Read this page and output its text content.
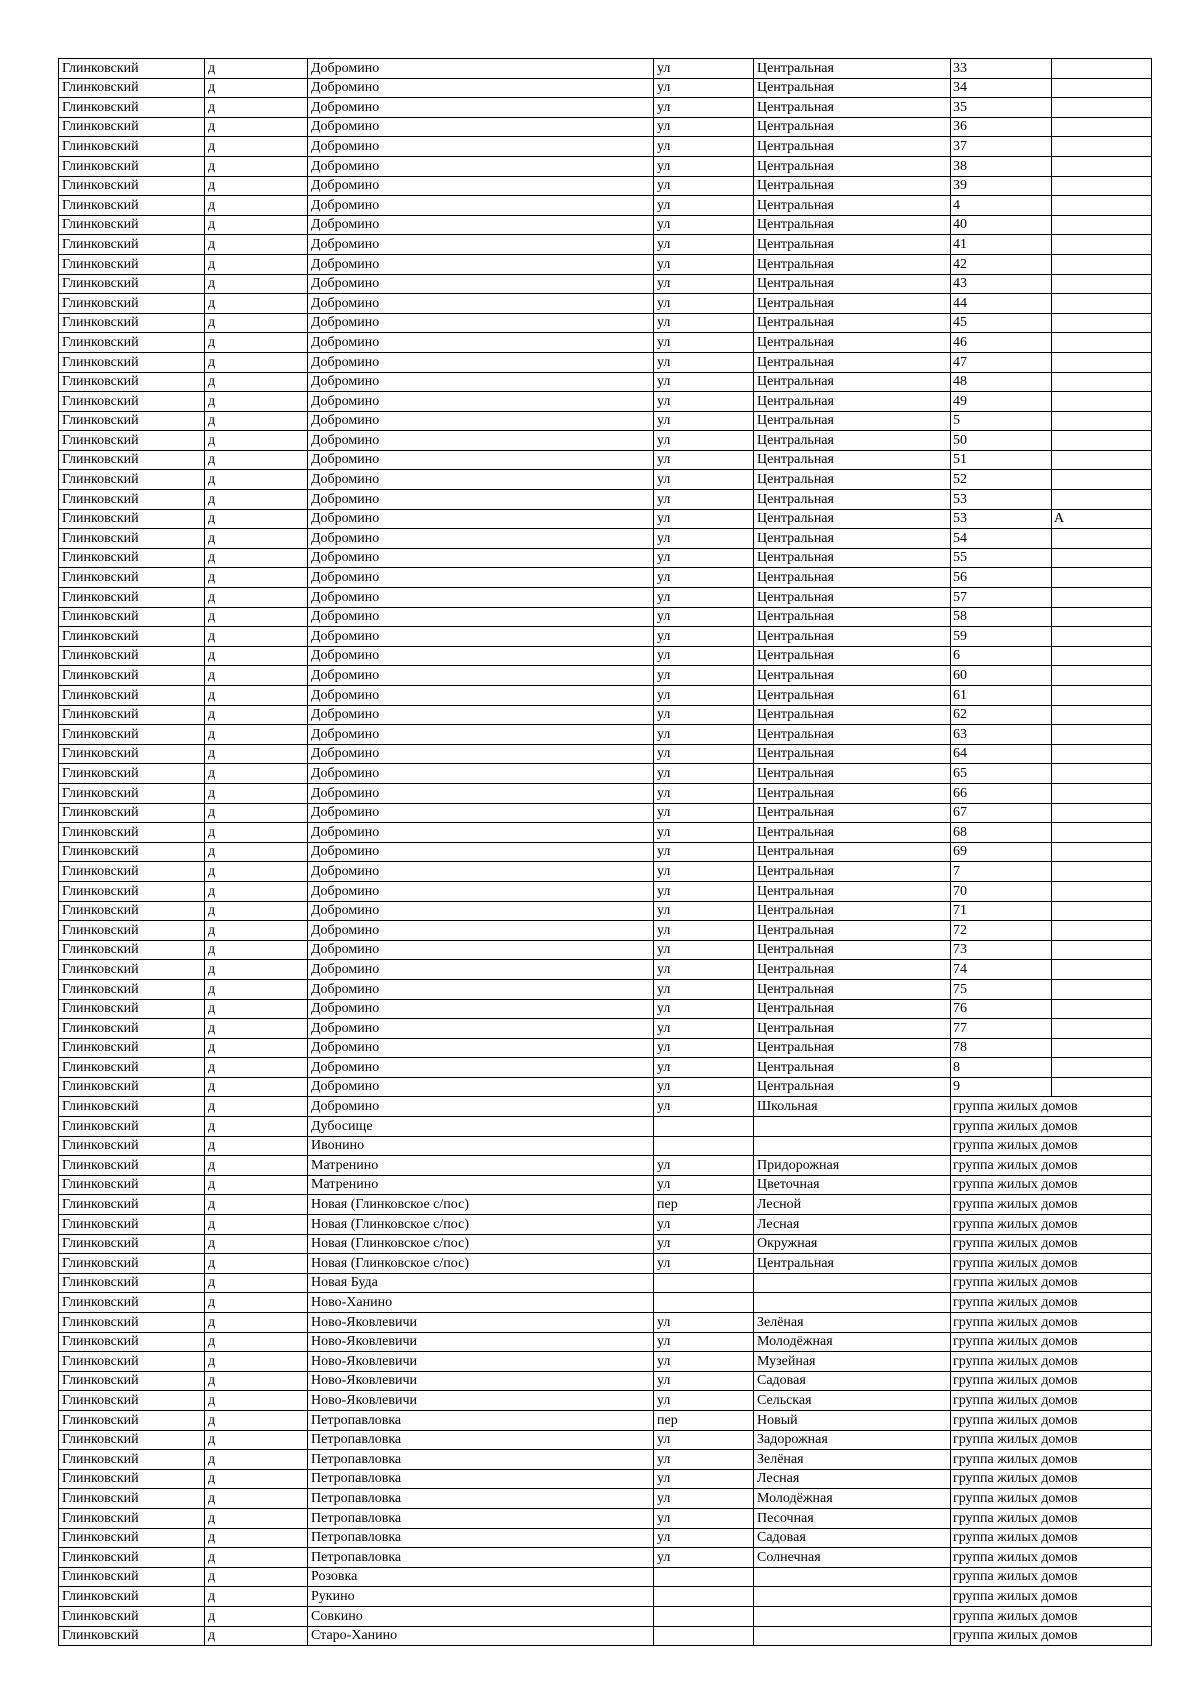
Глинковский	д	Добромино	ул	Центральная	33	
Глинковский	д	Добромино	ул	Центральная	34	
Глинковский	д	Добромино	ул	Центральная	35	
Глинковский	д	Добромино	ул	Центральная	36	
Глинковский	д	Добромино	ул	Центральная	37	
Глинковский	д	Добромино	ул	Центральная	38	
Глинковский	д	Добромино	ул	Центральная	39	
Глинковский	д	Добромино	ул	Центральная	4	
Глинковский	д	Добромино	ул	Центральная	40	
Глинковский	д	Добромино	ул	Центральная	41	
Глинковский	д	Добромино	ул	Центральная	42	
Глинковский	д	Добромино	ул	Центральная	43	
Глинковский	д	Добромино	ул	Центральная	44	
Глинковский	д	Добромино	ул	Центральная	45	
Глинковский	д	Добромино	ул	Центральная	46	
Глинковский	д	Добромино	ул	Центральная	47	
Глинковский	д	Добромино	ул	Центральная	48	
Глинковский	д	Добромино	ул	Центральная	49	
Глинковский	д	Добромино	ул	Центральная	5	
Глинковский	д	Добромино	ул	Центральная	50	
Глинковский	д	Добромино	ул	Центральная	51	
Глинковский	д	Добромино	ул	Центральная	52	
Глинковский	д	Добромино	ул	Центральная	53	
Глинковский	д	Добромино	ул	Центральная	53	А
Глинковский	д	Добромино	ул	Центральная	54	
Глинковский	д	Добромино	ул	Центральная	55	
Глинковский	д	Добромино	ул	Центральная	56	
Глинковский	д	Добромино	ул	Центральная	57	
Глинковский	д	Добромино	ул	Центральная	58	
Глинковский	д	Добромино	ул	Центральная	59	
Глинковский	д	Добромино	ул	Центральная	6	
Глинковский	д	Добромино	ул	Центральная	60	
Глинковский	д	Добромино	ул	Центральная	61	
Глинковский	д	Добромино	ул	Центральная	62	
Глинковский	д	Добромино	ул	Центральная	63	
Глинковский	д	Добромино	ул	Центральная	64	
Глинковский	д	Добромино	ул	Центральная	65	
Глинковский	д	Добромино	ул	Центральная	66	
Глинковский	д	Добромино	ул	Центральная	67	
Глинковский	д	Добромино	ул	Центральная	68	
Глинковский	д	Добромино	ул	Центральная	69	
Глинковский	д	Добромино	ул	Центральная	7	
Глинковский	д	Добромино	ул	Центральная	70	
Глинковский	д	Добромино	ул	Центральная	71	
Глинковский	д	Добромино	ул	Центральная	72	
Глинковский	д	Добромино	ул	Центральная	73	
Глинковский	д	Добромино	ул	Центральная	74	
Глинковский	д	Добромино	ул	Центральная	75	
Глинковский	д	Добромино	ул	Центральная	76	
Глинковский	д	Добромино	ул	Центральная	77	
Глинковский	д	Добромино	ул	Центральная	78	
Глинковский	д	Добромино	ул	Центральная	8	
Глинковский	д	Добромино	ул	Центральная	9	
Глинковский	д	Добромино	ул	Школьная	группа жилых домов	
Глинковский	д	Дубосище			группа жилых домов	
Глинковский	д	Ивонино			группа жилых домов	
Глинковский	д	Матренино	ул	Придорожная	группа жилых домов	
Глинковский	д	Матренино	ул	Цветочная	группа жилых домов	
Глинковский	д	Новая (Глинковское с/пос)	пер	Лесной	группа жилых домов	
Глинковский	д	Новая (Глинковское с/пос)	ул	Лесная	группа жилых домов	
Глинковский	д	Новая (Глинковское с/пос)	ул	Окружная	группа жилых домов	
Глинковский	д	Новая (Глинковское с/пос)	ул	Центральная	группа жилых домов	
Глинковский	д	Новая Буда			группа жилых домов	
Глинковский	д	Ново-Ханино			группа жилых домов	
Глинковский	д	Ново-Яковлевичи	ул	Зелёная	группа жилых домов	
Глинковский	д	Ново-Яковлевичи	ул	Молодёжная	группа жилых домов	
Глинковский	д	Ново-Яковлевичи	ул	Музейная	группа жилых домов	
Глинковский	д	Ново-Яковлевичи	ул	Садовая	группа жилых домов	
Глинковский	д	Ново-Яковлевичи	ул	Сельская	группа жилых домов	
Глинковский	д	Петропавловка	пер	Новый	группа жилых домов	
Глинковский	д	Петропавловка	ул	Задорожная	группа жилых домов	
Глинковский	д	Петропавловка	ул	Зелёная	группа жилых домов	
Глинковский	д	Петропавловка	ул	Лесная	группа жилых домов	
Глинковский	д	Петропавловка	ул	Молодёжная	группа жилых домов	
Глинковский	д	Петропавловка	ул	Песочная	группа жилых домов	
Глинковский	д	Петропавловка	ул	Садовая	группа жилых домов	
Глинковский	д	Петропавловка	ул	Солнечная	группа жилых домов	
Глинковский	д	Розовка			группа жилых домов	
Глинковский	д	Рукино			группа жилых домов	
Глинковский	д	Совкино			группа жилых домов	
Глинковский	д	Старо-Ханино			группа жилых домов	
